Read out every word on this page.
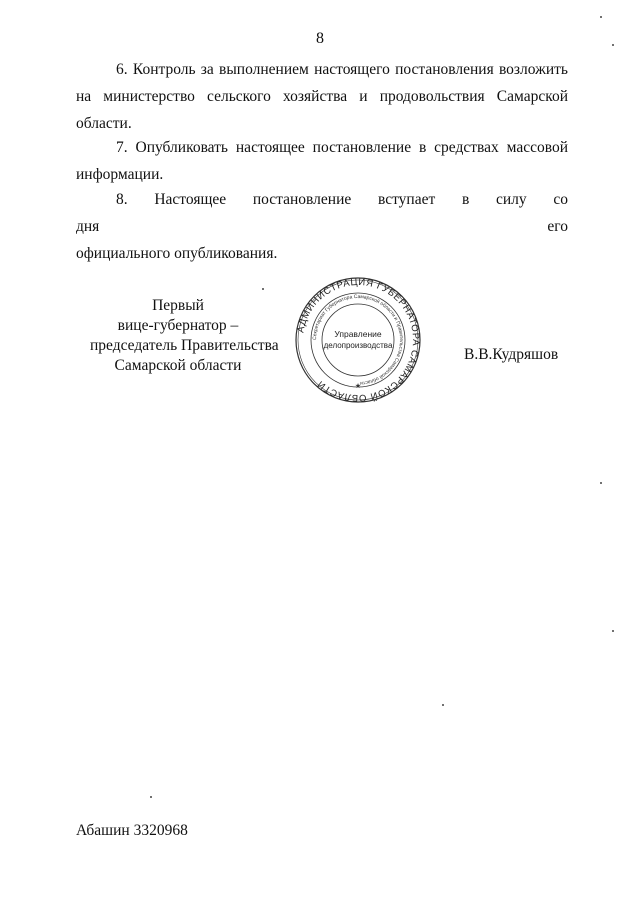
8
6. Контроль за выполнением настоящего постановления возложить
на министерство сельского хозяйства и продовольствия Самарской
области.
7. Опубликовать настоящее постановление в средствах массовой
информации.
8. Настоящее постановление вступает в силу со дня его
официального опубликования.
Первый
вице-губернатор –
председатель Правительства
Самарской области
АДМИНИСТРАЦИЯ ГУБЕРНАТОРА САМАРСКОЙ ОБЛАСТИ
Секретариат Губернатора Самарской области и Правительства Самарской области
Управление
делопроизводства
★
В.В.Кудряшов
Абашин 3320968
